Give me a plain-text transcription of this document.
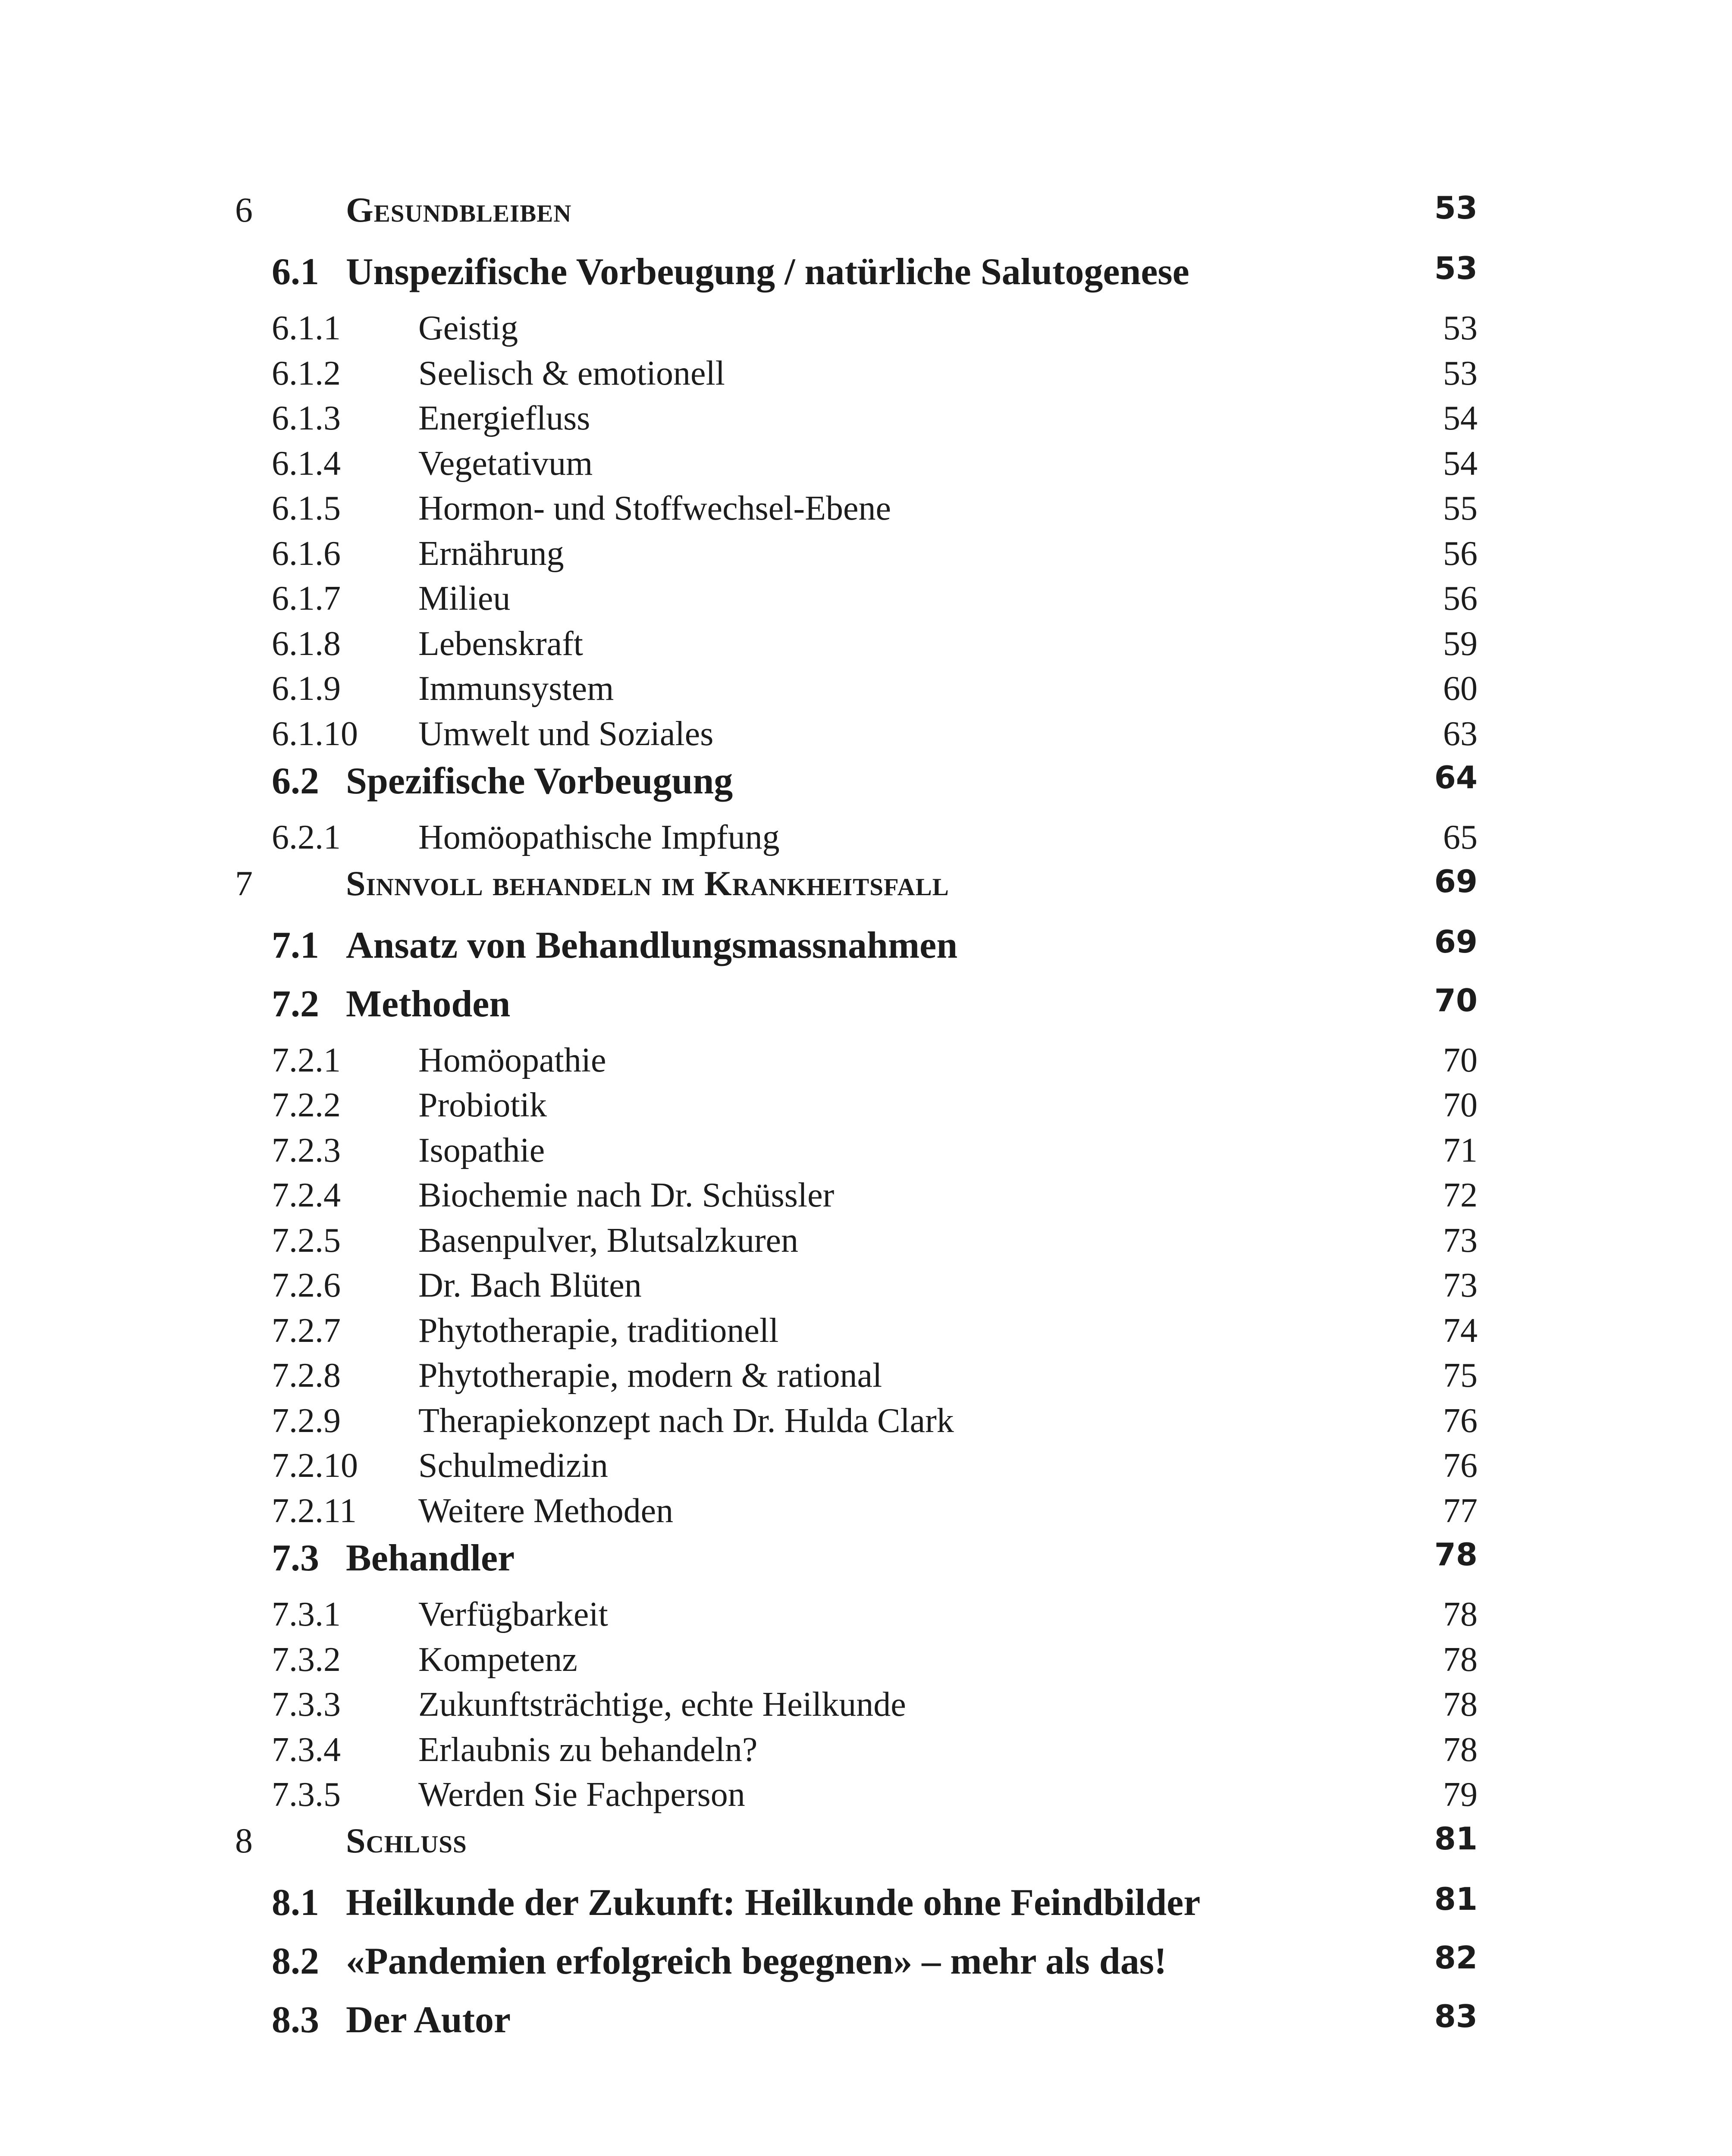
6	Gesundbleiben	53
6.1 Unspezifische Vorbeugung / natürliche Salutogenese	53
6.1.1 Geistig	53
6.1.2 Seelisch & emotionell	53
6.1.3 Energiefluss	54
6.1.4 Vegetativum	54
6.1.5 Hormon- und Stoffwechsel-Ebene	55
6.1.6 Ernährung	56
6.1.7 Milieu	56
6.1.8 Lebenskraft	59
6.1.9 Immunsystem	60
6.1.10 Umwelt und Soziales	63
6.2 Spezifische Vorbeugung	64
6.2.1 Homöopathische Impfung	65
7	Sinnvoll behandeln im Krankheitsfall	69
7.1 Ansatz von Behandlungsmassnahmen	69
7.2 Methoden	70
7.2.1 Homöopathie	70
7.2.2 Probiotik	70
7.2.3 Isopathie	71
7.2.4 Biochemie nach Dr. Schüssler	72
7.2.5 Basenpulver, Blutsalzkuren	73
7.2.6 Dr. Bach Blüten	73
7.2.7 Phytotherapie, traditionell	74
7.2.8 Phytotherapie, modern & rational	75
7.2.9 Therapiekonzept nach Dr. Hulda Clark	76
7.2.10 Schulmedizin	76
7.2.11 Weitere Methoden	77
7.3 Behandler	78
7.3.1 Verfügbarkeit	78
7.3.2 Kompetenz	78
7.3.3 Zukunftsträchtige, echte Heilkunde	78
7.3.4 Erlaubnis zu behandeln?	78
7.3.5 Werden Sie Fachperson	79
8	Schluss	81
8.1 Heilkunde der Zukunft: Heilkunde ohne Feindbilder	81
8.2 «Pandemien erfolgreich begegnen» – mehr als das!	82
8.3 Der Autor	83
